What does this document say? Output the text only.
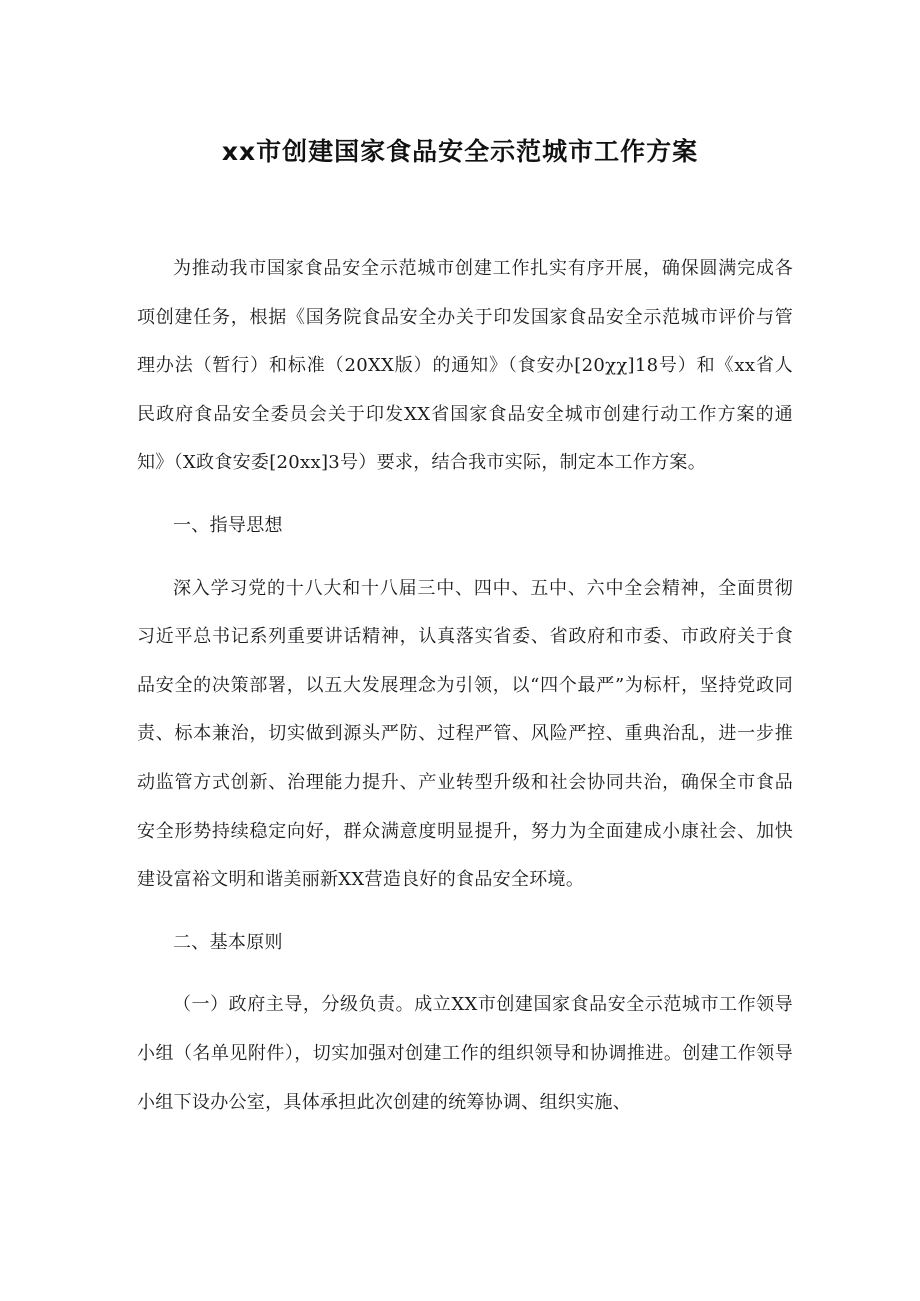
xx市创建国家食品安全示范城市工作方案

为推动我市国家食品安全示范城市创建工作扎实有序开展，确保圆满完成各项创建任务，根据《国务院食品安全办关于印发国家食品安全示范城市评价与管理办法（暂行）和标准（20XX版）的通知》（食安办[20χχ]18号）和《xx省人民政府食品安全委员会关于印发XX省国家食品安全城市创建行动工作方案的通知》（X政食安委[20xx]3号）要求，结合我市实际，制定本工作方案。

一、指导思想

深入学习党的十八大和十八届三中、四中、五中、六中全会精神，全面贯彻习近平总书记系列重要讲话精神，认真落实省委、省政府和市委、市政府关于食品安全的决策部署，以五大发展理念为引领，以“四个最严”为标杆，坚持党政同责、标本兼治，切实做到源头严防、过程严管、风险严控、重典治乱，进一步推动监管方式创新、治理能力提升、产业转型升级和社会协同共治，确保全市食品安全形势持续稳定向好，群众满意度明显提升，努力为全面建成小康社会、加快建设富裕文明和谐美丽新XX营造良好的食品安全环境。

二、基本原则

（一）政府主导，分级负责。成立XX市创建国家食品安全示范城市工作领导小组（名单见附件），切实加强对创建工作的组织领导和协调推进。创建工作领导小组下设办公室，具体承担此次创建的统筹协调、组织实施、
